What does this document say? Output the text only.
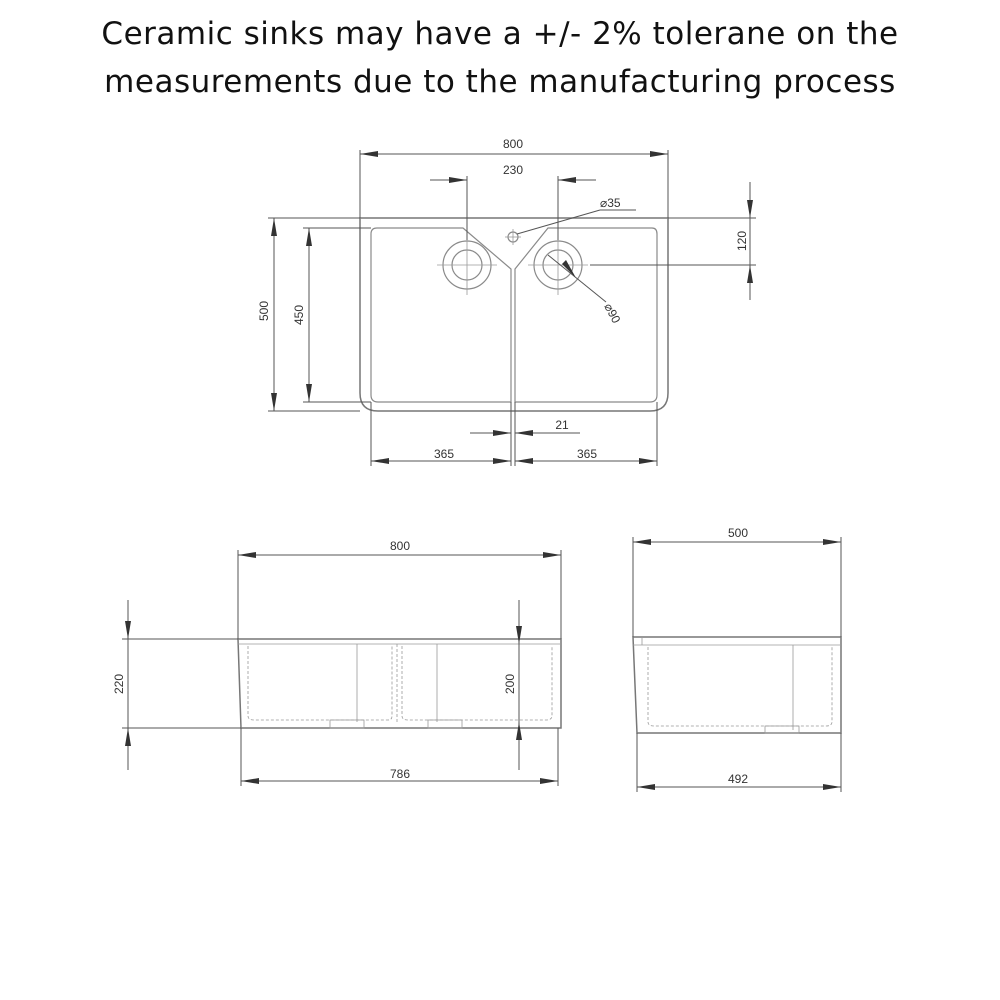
Ceramic sinks may have a +/- 2% tolerane on the
measurements due to the manufacturing process
800
230
⌀35
⌀90
120
500 450
21
365	365
800
786
220	200
500
492
